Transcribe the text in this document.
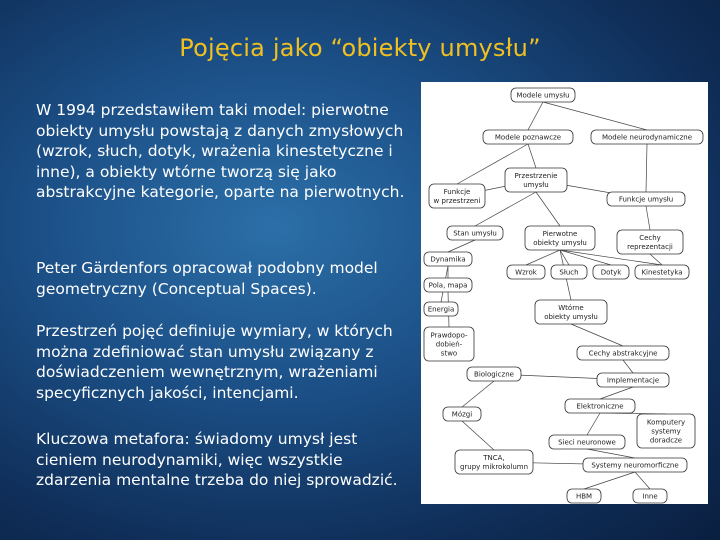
Pojęcia jako “obiekty umysłu”
W 1994 przedstawiłem taki model: pierwotne obiekty umysłu powstają z danych zmysłowych (wzrok, słuch, dotyk, wrażenia kinestetyczne i inne), a obiekty wtórne tworzą się jako abstrakcyjne kategorie, oparte na pierwotnych.
Peter Gärdenfors opracował podobny model geometryczny (Conceptual Spaces).
Przestrzeń pojęć definiuje wymiary, w których można zdefiniować stan umysłu związany z doświadczeniem wewnętrznym, wrażeniami specyficznych jakości, intencjami.
Kluczowa metafora: świadomy umysł jest cieniem neurodynamiki, więc wszystkie zdarzenia mentalne trzeba do niej sprowadzić.
Modele umysłu
Modele poznawcze	Modele neurodynamiczne
Przestrzenie
umysłu
Funkcje
w przestrzeni	Funkcje umysłu
Stan umysłu	Pierwotne
obiekty umysłu
Cechy
reprezentacji
Dynamika
Wzrok	Słuch	Dotyk	Kinestetyka
Pola, mapa
Wtórne
obiekty umysłu
Energia
Prawdopo-
dobień-
stwo	Cechy abstrakcyjne
Biologiczne
Implementacje
Elektroniczne
Mózgi
Komputery
systemy
doradcze
Sieci neuronowe
TNCA,
grupy mikrokolumn	Systemy neuromorficzne
HBM	Inne
